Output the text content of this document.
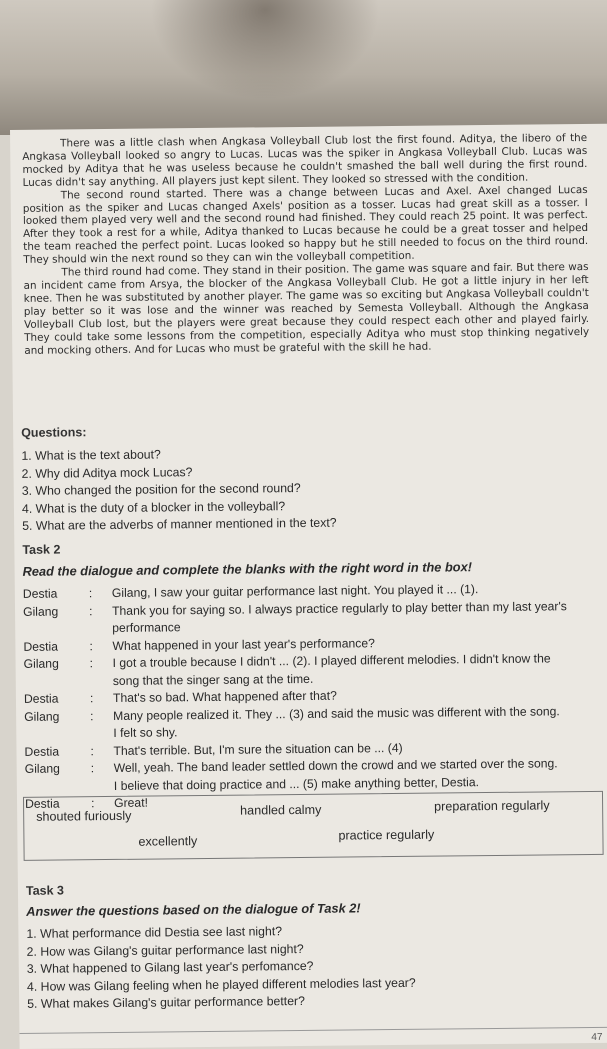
There was a little clash when Angkasa Volleyball Club lost the first found. Aditya, the libero of the Angkasa Volleyball looked so angry to Lucas. Lucas was the spiker in Angkasa Volleyball Club. Lucas was mocked by Aditya that he was useless because he couldn't smashed the ball well during the first round. Lucas didn't say anything. All players just kept silent. They looked so stressed with the condition.

The second round started. There was a change between Lucas and Axel. Axel changed Lucas position as the spiker and Lucas changed Axels' position as a tosser. Lucas had great skill as a tosser. I looked them played very well and the second round had finished. They could reach 25 point. It was perfect. After they took a rest for a while, Aditya thanked to Lucas because he could be a great tosser and helped the team reached the perfect point. Lucas looked so happy but he still needed to focus on the third round. They should win the next round so they can win the volleyball competition.

The third round had come. They stand in their position. The game was square and fair. But there was an incident came from Arsya, the blocker of the Angkasa Volleyball Club. He got a little injury in her left knee. Then he was substituted by another player. The game was so exciting but Angkasa Volleyball couldn't play better so it was lose and the winner was reached by Semesta Volleyball. Although the Angkasa Volleyball Club lost, but the players were great because they could respect each other and played fairly. They could take some lessons from the competition, especially Aditya who must stop thinking negatively and mocking others. And for Lucas who must be grateful with the skill he had.

Questions:
1. What is the text about?
2. Why did Aditya mock Lucas?
3. Who changed the position for the second round?
4. What is the duty of a blocker in the volleyball?
5. What are the adverbs of manner mentioned in the text?
Task 2
Read the dialogue and complete the blanks with the right word in the box!
Destia	:	Gilang, I saw your guitar performance last night. You played it ... (1).
Gilang	:	Thank you for saying so. I always practice regularly to play better than my last year's
performance
Destia	:	What happened in your last year's performance?
Gilang	:	I got a trouble because I didn't ... (2). I played different melodies. I didn't know the
song that the singer sang at the time.
Destia	:	That's so bad. What happened after that?
Gilang	:	Many people realized it. They ... (3) and said the music was different with the song.
I felt so shy.
Destia	:	That's terrible. But, I'm sure the situation can be ... (4)
Gilang	:	Well, yeah. The band leader settled down the crowd and we started over the song.
I believe that doing practice and ... (5) make anything better, Destia.
Destia	:	Great!
shouted furiously	handled calmy	preparation regularly
excellently	practice regularly
Task 3
Answer the questions based on the dialogue of Task 2!
1. What performance did Destia see last night?
2. How was Gilang's guitar performance last night?
3. What happened to Gilang last year's perfomance?
4. How was Gilang feeling when he played different melodies last year?
5. What makes Gilang's guitar performance better?
47
